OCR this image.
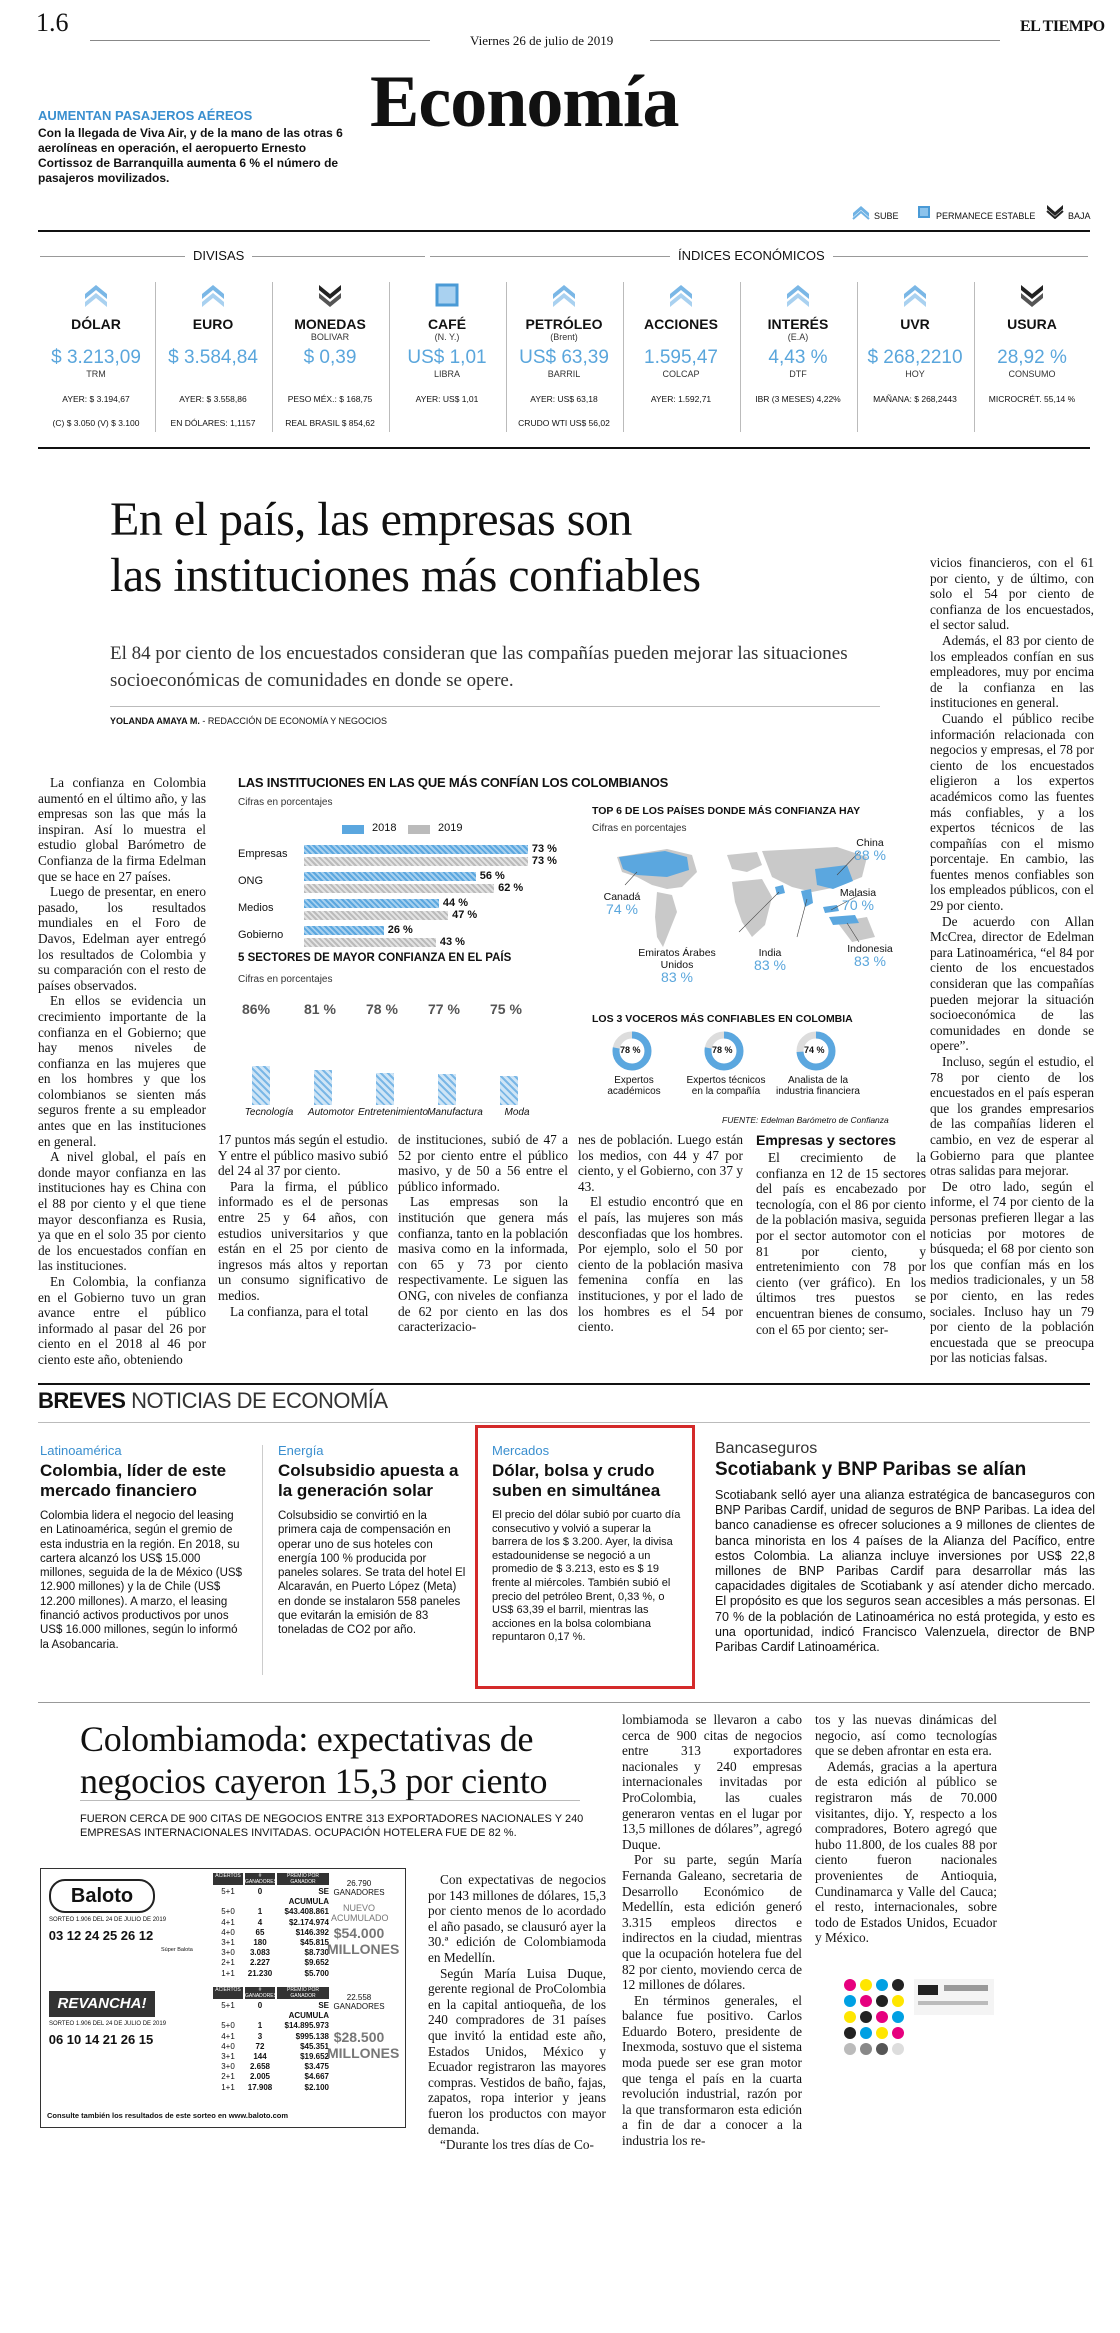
1.6
Viernes 26 de julio de 2019
EL TIEMPO
Economía
AUMENTAN PASAJEROS AÉREOS
Con la llegada de Viva Air, y de la mano de las otras 6 aerolíneas en operación, el aeropuerto Ernesto Cortissoz de Barranquilla aumenta 6 % el número de pasajeros movilizados.
SUBE	PERMANECE ESTABLE	BAJA
DIVISAS	ÍNDICES ECONÓMICOS
DÓLAR
$ 3.213,09
TRM
AYER: $ 3.194,67
(C) $ 3.050 (V) $ 3.100
EURO
$ 3.584,84
AYER: $ 3.558,86
EN DÓLARES: 1,1157
MONEDAS
BOLIVAR
$ 0,39
PESO MÉX.: $ 168,75
REAL BRASIL $ 854,62
CAFÉ
(N. Y.)
US$ 1,01
LIBRA
AYER: US$ 1,01
PETRÓLEO
(Brent)
US$ 63,39
BARRIL
AYER: US$ 63,18
CRUDO WTI US$ 56,02
ACCIONES
1.595,47
COLCAP
AYER: 1.592,71
INTERÉS
(E.A)
4,43 %
DTF
IBR (3 MESES) 4,22%
UVR
$ 268,2210
HOY
MAÑANA: $ 268,2443
USURA
28,92 %
CONSUMO
MICROCRÉT. 55,14 %
En el país, las empresas son
las instituciones más confiables
El 84 por ciento de los encuestados consideran que las compañías pueden mejorar las situaciones socioeconómicas de comunidades en donde se opere.
YOLANDA AMAYA M. - REDACCIÓN DE ECONOMÍA Y NEGOCIOS

La confianza en Colombia aumentó en el último año, y las empresas son las que más la inspiran. Así lo muestra el estudio global Barómetro de Confianza de la firma Edelman que se hace en 27 países.

Luego de presentar, en enero pasado, los resultados mundiales en el Foro de Davos, Edelman ayer entregó los resultados de Colombia y su comparación con el resto de países observados.

En ellos se evidencia un crecimiento importante de la confianza en el Gobierno; que hay menos niveles de confianza en las mujeres que en los hombres y que los colombianos se sienten más seguros frente a su empleador antes que en las instituciones en general.

A nivel global, el país en donde mayor confianza en las instituciones hay es China con el 88 por ciento y el que tiene mayor desconfianza es Rusia, ya que en el solo 35 por ciento de los encuestados confían en las instituciones.

En Colombia, la confianza en el Gobierno tuvo un gran avance entre el público informado al pasar del 26 por ciento en el 2018 al 46 por ciento este año, obteniendo

LAS INSTITUCIONES EN LAS QUE MÁS CONFÍAN LOS COLOMBIANOS
Cifras en porcentajes
2018	2019
Empresas	73 %
73 %
ONG	56 %
62 %
Medios	44 %
47 %
Gobierno	26 %
43 %
5 SECTORES DE MAYOR CONFIANZA EN EL PAÍS
Cifras en porcentajes
86%
Tecnología
81 %
Automotor
78 %
Entretenimiento
77 %
Manufactura
75 %
Moda
TOP 6 DE LOS PAÍSES DONDE MÁS CONFIANZA HAY
Cifras en porcentajes
China
88 %
Canadá
74 %
Malasia
70 %
Emiratos Árabes Unidos
83 %
India
83 %
Indonesia
83 %
LOS 3 VOCEROS MÁS CONFIABLES EN COLOMBIA
78 %
Expertos académicos
78 %
Expertos técnicos en la compañía
74 %
Analista de la industria financiera
FUENTE: Edelman Barómetro de Confianza

17 puntos más según el estudio. Y entre el público masivo subió del 24 al 37 por ciento.

Para la firma, el público informado es el de personas entre 25 y 64 años, con estudios universitarios y que están en el 25 por ciento de ingresos más altos y reportan un consumo significativo de medios.

La confianza, para el total

de instituciones, subió de 47 a 52 por ciento entre el público masivo, y de 50 a 56 entre el público informado.

Las empresas son la institución que genera más confianza, tanto en la población masiva como en la informada, con 65 y 73 por ciento respectivamente. Le siguen las ONG, con niveles de confianza de 62 por ciento en las dos caracterizacio-

nes de población. Luego están los medios, con 44 y 47 por ciento, y el Gobierno, con 37 y 43.

El estudio encontró que en el país, las mujeres son más desconfiadas que los hombres. Por ejemplo, solo el 50 por ciento de la población masiva femenina confía en las instituciones, y por el lado de los hombres es el 54 por ciento.

Empresas y sectores

El crecimiento de la confianza en 12 de 15 sectores del país es encabezado por tecnología, con el 86 por ciento de la población masiva, seguida por el sector automotor con el 81 por ciento, y entretenimiento con 78 por ciento (ver gráfico). En los últimos tres puestos se encuentran bienes de consumo, con el 65 por ciento; ser-

vicios financieros, con el 61 por ciento, y de último, con solo el 54 por ciento de confianza de los encuestados, el sector salud.

Además, el 83 por ciento de los empleados confían en sus empleadores, muy por encima de la confianza en las instituciones en general.

Cuando el público recibe información relacionada con negocios y empresas, el 78 por ciento de los encuestados eligieron a los expertos académicos como las fuentes más confiables, y a los expertos técnicos de las compañías con el mismo porcentaje. En cambio, las fuentes menos confiables son los empleados públicos, con el 29 por ciento.

De acuerdo con Allan McCrea, director de Edelman para Latinoamérica, “el 84 por ciento de los encuestados consideran que las compañías pueden mejorar la situación socioeconómica de las comunidades en donde se opere”.

Incluso, según el estudio, el 78 por ciento de los encuestados en el país esperan que los grandes empresarios de las compañías lideren el cambio, en vez de esperar al Gobierno para que plantee otras salidas para mejorar.

De otro lado, según el informe, el 74 por ciento de la personas prefieren llegar a las noticias por motores de búsqueda; el 68 por ciento son los que confían más en los medios tradicionales, y un 58 por ciento, en las redes sociales. Incluso hay un 79 por ciento de la población encuestada que se preocupa por las noticias falsas.

BREVES NOTICIAS DE ECONOMÍA
Latinoamérica
Colombia, líder de este mercado financiero

Colombia lidera el negocio del leasing en Latinoamérica, según el gremio de esta industria en la región. En 2018, su cartera alcanzó los US$ 15.000 millones, seguida de la de México (US$ 12.900 millones) y la de Chile (US$ 12.200 millones). A marzo, el leasing financió activos productivos por unos US$ 16.000 millones, según lo informó la Asobancaria.

Energía
Colsubsidio apuesta a la generación solar

Colsubsidio se convirtió en la primera caja de compensación en operar uno de sus hoteles con energía 100 % producida por paneles solares. Se trata del hotel El Alcaraván, en Puerto López (Meta) en donde se instalaron 558 paneles que evitarán la emisión de 83 toneladas de CO2 por año.

Mercados
Dólar, bolsa y crudo suben en simultánea

El precio del dólar subió por cuarto día consecutivo y volvió a superar la barrera de los $ 3.200. Ayer, la divisa estadounidense se negoció a un promedio de $ 3.213, esto es $ 19 frente al miércoles. También subió el precio del petróleo Brent, 0,33 %, o US$ 63,39 el barril, mientras las acciones en la bolsa colombiana repuntaron 0,17 %.

Bancaseguros
Scotiabank y BNP Paribas se alían

Scotiabank selló ayer una alianza estratégica de bancaseguros con BNP Paribas Cardif, unidad de seguros de BNP Paribas. La idea del banco canadiense es ofrecer soluciones a 9 millones de clientes de banca minorista en los 4 países de la Alianza del Pacífico, entre estos Colombia. La alianza incluye inversiones por US$ 22,8 millones de BNP Paribas Cardif para desarrollar más las capacidades digitales de Scotiabank y así atender dicho mercado. El propósito es que los seguros sean accesibles a más personas. El 70 % de la población de Latinoamérica no está protegida, y esto es una oportunidad, indicó Francisco Valenzuela, director de BNP Paribas Cardif Latinoamérica.

Colombiamoda: expectativas de
negocios cayeron 15,3 por ciento
FUERON CERCA DE 900 CITAS DE NEGOCIOS ENTRE 313 EXPORTADORES NACIONALES Y 240 EMPRESAS INTERNACIONALES INVITADAS. OCUPACIÓN HOTELERA FUE DE 82 %.

Con expectativas de negocios por 143 millones de dólares, 15,3 por ciento menos de lo acordado el año pasado, se clausuró ayer la 30.ª edición de Colombiamoda en Medellín.

Según María Luisa Duque, gerente regional de ProColombia en la capital antioqueña, de los 240 compradores de 31 países que invitó la entidad este año, Estados Unidos, México y Ecuador registraron las mayores compras. Vestidos de baño, fajas, zapatos, ropa interior y jeans fueron los productos con mayor demanda.

“Durante los tres días de Co-

lombiamoda se llevaron a cabo cerca de 900 citas de negocios entre 313 exportadores nacionales y 240 empresas internacionales invitadas por ProColombia, las cuales generaron ventas en el lugar por 13,5 millones de dólares”, agregó Duque.

Por su parte, según María Fernanda Galeano, secretaria de Desarrollo Económico de Medellín, esta edición generó 3.315 empleos directos e indirectos en la ciudad, mientras que la ocupación hotelera fue del 82 por ciento, moviendo cerca de 12 millones de dólares.

En términos generales, el balance fue positivo. Carlos Eduardo Botero, presidente de Inexmoda, sostuvo que el sistema moda puede ser ese gran motor que tenga el país en la cuarta revolución industrial, razón por la que transformaron esta edición a fin de dar a conocer a la industria los re-

tos y las nuevas dinámicas del negocio, así como tecnologías que se deben afrontar en esta era.

Además, gracias a la apertura de esta edición al público se registraron más de 70.000 visitantes, dijo. Y, respecto a los compradores, Botero agregó que hubo 11.800, de los cuales 88 por ciento fueron nacionales provenientes de Antioquia, Cundinamarca y Valle del Cauca; el resto, internacionales, sobre todo de Estados Unidos, Ecuador y México.

Baloto
SORTEO 1.906 DEL 24 DE JULIO DE 2019
03 12 24 25 26 12
Súper Balota
ACIERTOS	# GANADORES
PREMIO POR GANADOR
5+1	0	SE ACUMULA
5+0	1	$43.408.861
4+1	4	$2.174.974
4+0	65	$146.392
3+1	180	$45.815
3+0	3.083	$8.730
2+1	2.227	$9.652
1+1	21.230	$5.700
26.790 GANADORES
NUEVO ACUMULADO
$54.000 MILLONES
REVANCHA!
SORTEO 1.906 DEL 24 DE JULIO DE 2019
06 10 14 21 26 15
ACIERTOS	# GANADORES
PREMIO POR GANADOR
5+1	0	SE ACUMULA
5+0	1	$14.895.973
4+1	3	$995.138
4+0	72	$45.351
3+1	144	$19.652
3+0	2.658	$3.475
2+1	2.005	$4.667
1+1	17.908	$2.100
22.558 GANADORES
$28.500 MILLONES
Consulte también los resultados de este sorteo en www.baloto.com
